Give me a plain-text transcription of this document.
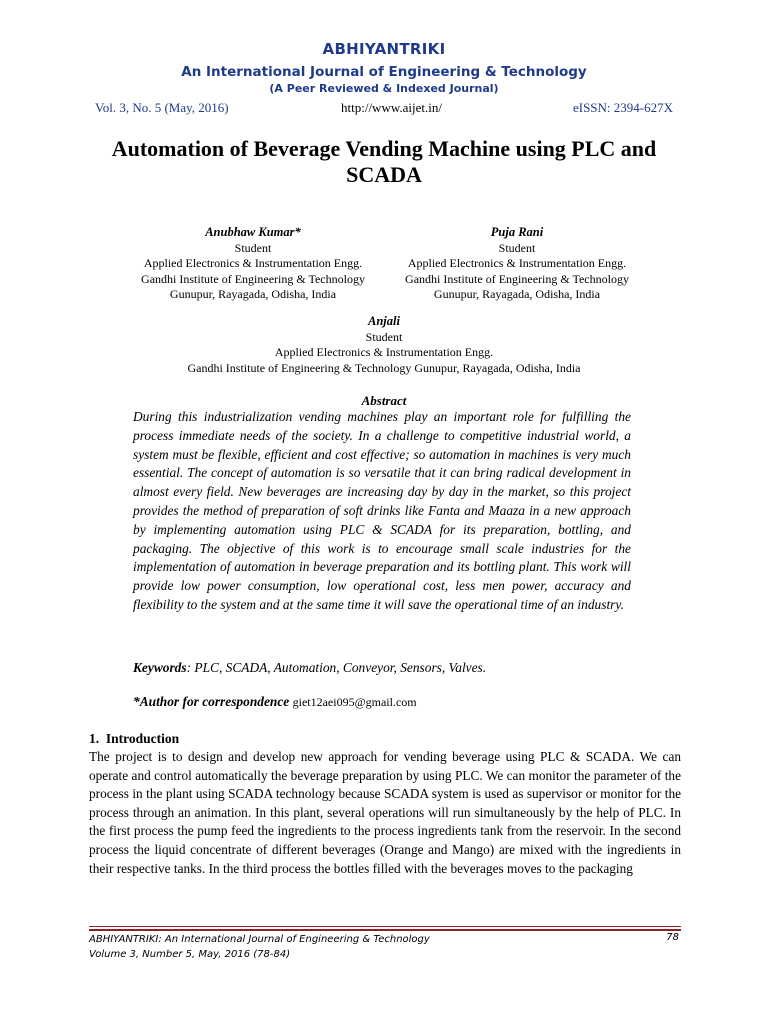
ABHIYANTRIKI
An International Journal of Engineering & Technology
(A Peer Reviewed & Indexed Journal)
Vol. 3, No. 5 (May, 2016)	http://www.aijet.in/	eISSN: 2394-627X
Automation of Beverage Vending Machine using PLC and SCADA
Anubhaw Kumar*
Student
Applied Electronics & Instrumentation Engg.
Gandhi Institute of Engineering & Technology
Gunupur, Rayagada, Odisha, India
Puja Rani
Student
Applied Electronics & Instrumentation Engg.
Gandhi Institute of Engineering & Technology
Gunupur, Rayagada, Odisha, India
Anjali
Student
Applied Electronics & Instrumentation Engg.
Gandhi Institute of Engineering & Technology Gunupur, Rayagada, Odisha, India
Abstract
During this industrialization vending machines play an important role for fulfilling the process immediate needs of the society. In a challenge to competitive industrial world, a system must be flexible, efficient and cost effective; so automation in machines is very much essential. The concept of automation is so versatile that it can bring radical development in almost every field. New beverages are increasing day by day in the market, so this project provides the method of preparation of soft drinks like Fanta and Maaza in a new approach by implementing automation using PLC & SCADA for its preparation, bottling, and packaging. The objective of this work is to encourage small scale industries for the implementation of automation in beverage preparation and its bottling plant. This work will provide low power consumption, low operational cost, less men power, accuracy and flexibility to the system and at the same time it will save the operational time of an industry.
Keywords: PLC, SCADA, Automation, Conveyor, Sensors, Valves.
*Author for correspondence giet12aei095@gmail.com
1.  Introduction
The project is to design and develop new approach for vending beverage using PLC & SCADA. We can operate and control automatically the beverage preparation by using PLC. We can monitor the parameter of the process in the plant using SCADA technology because SCADA system is used as supervisor or monitor for the process through an animation. In this plant, several operations will run simultaneously by the help of PLC. In the first process the pump feed the ingredients to the process ingredients tank from the reservoir. In the second process the liquid concentrate of different beverages (Orange and Mango) are mixed with the ingredients in their respective tanks. In the third process the bottles filled with the beverages moves to the packaging
ABHIYANTRIKI: An International Journal of Engineering & Technology
Volume 3, Number 5, May, 2016 (78-84)
78
